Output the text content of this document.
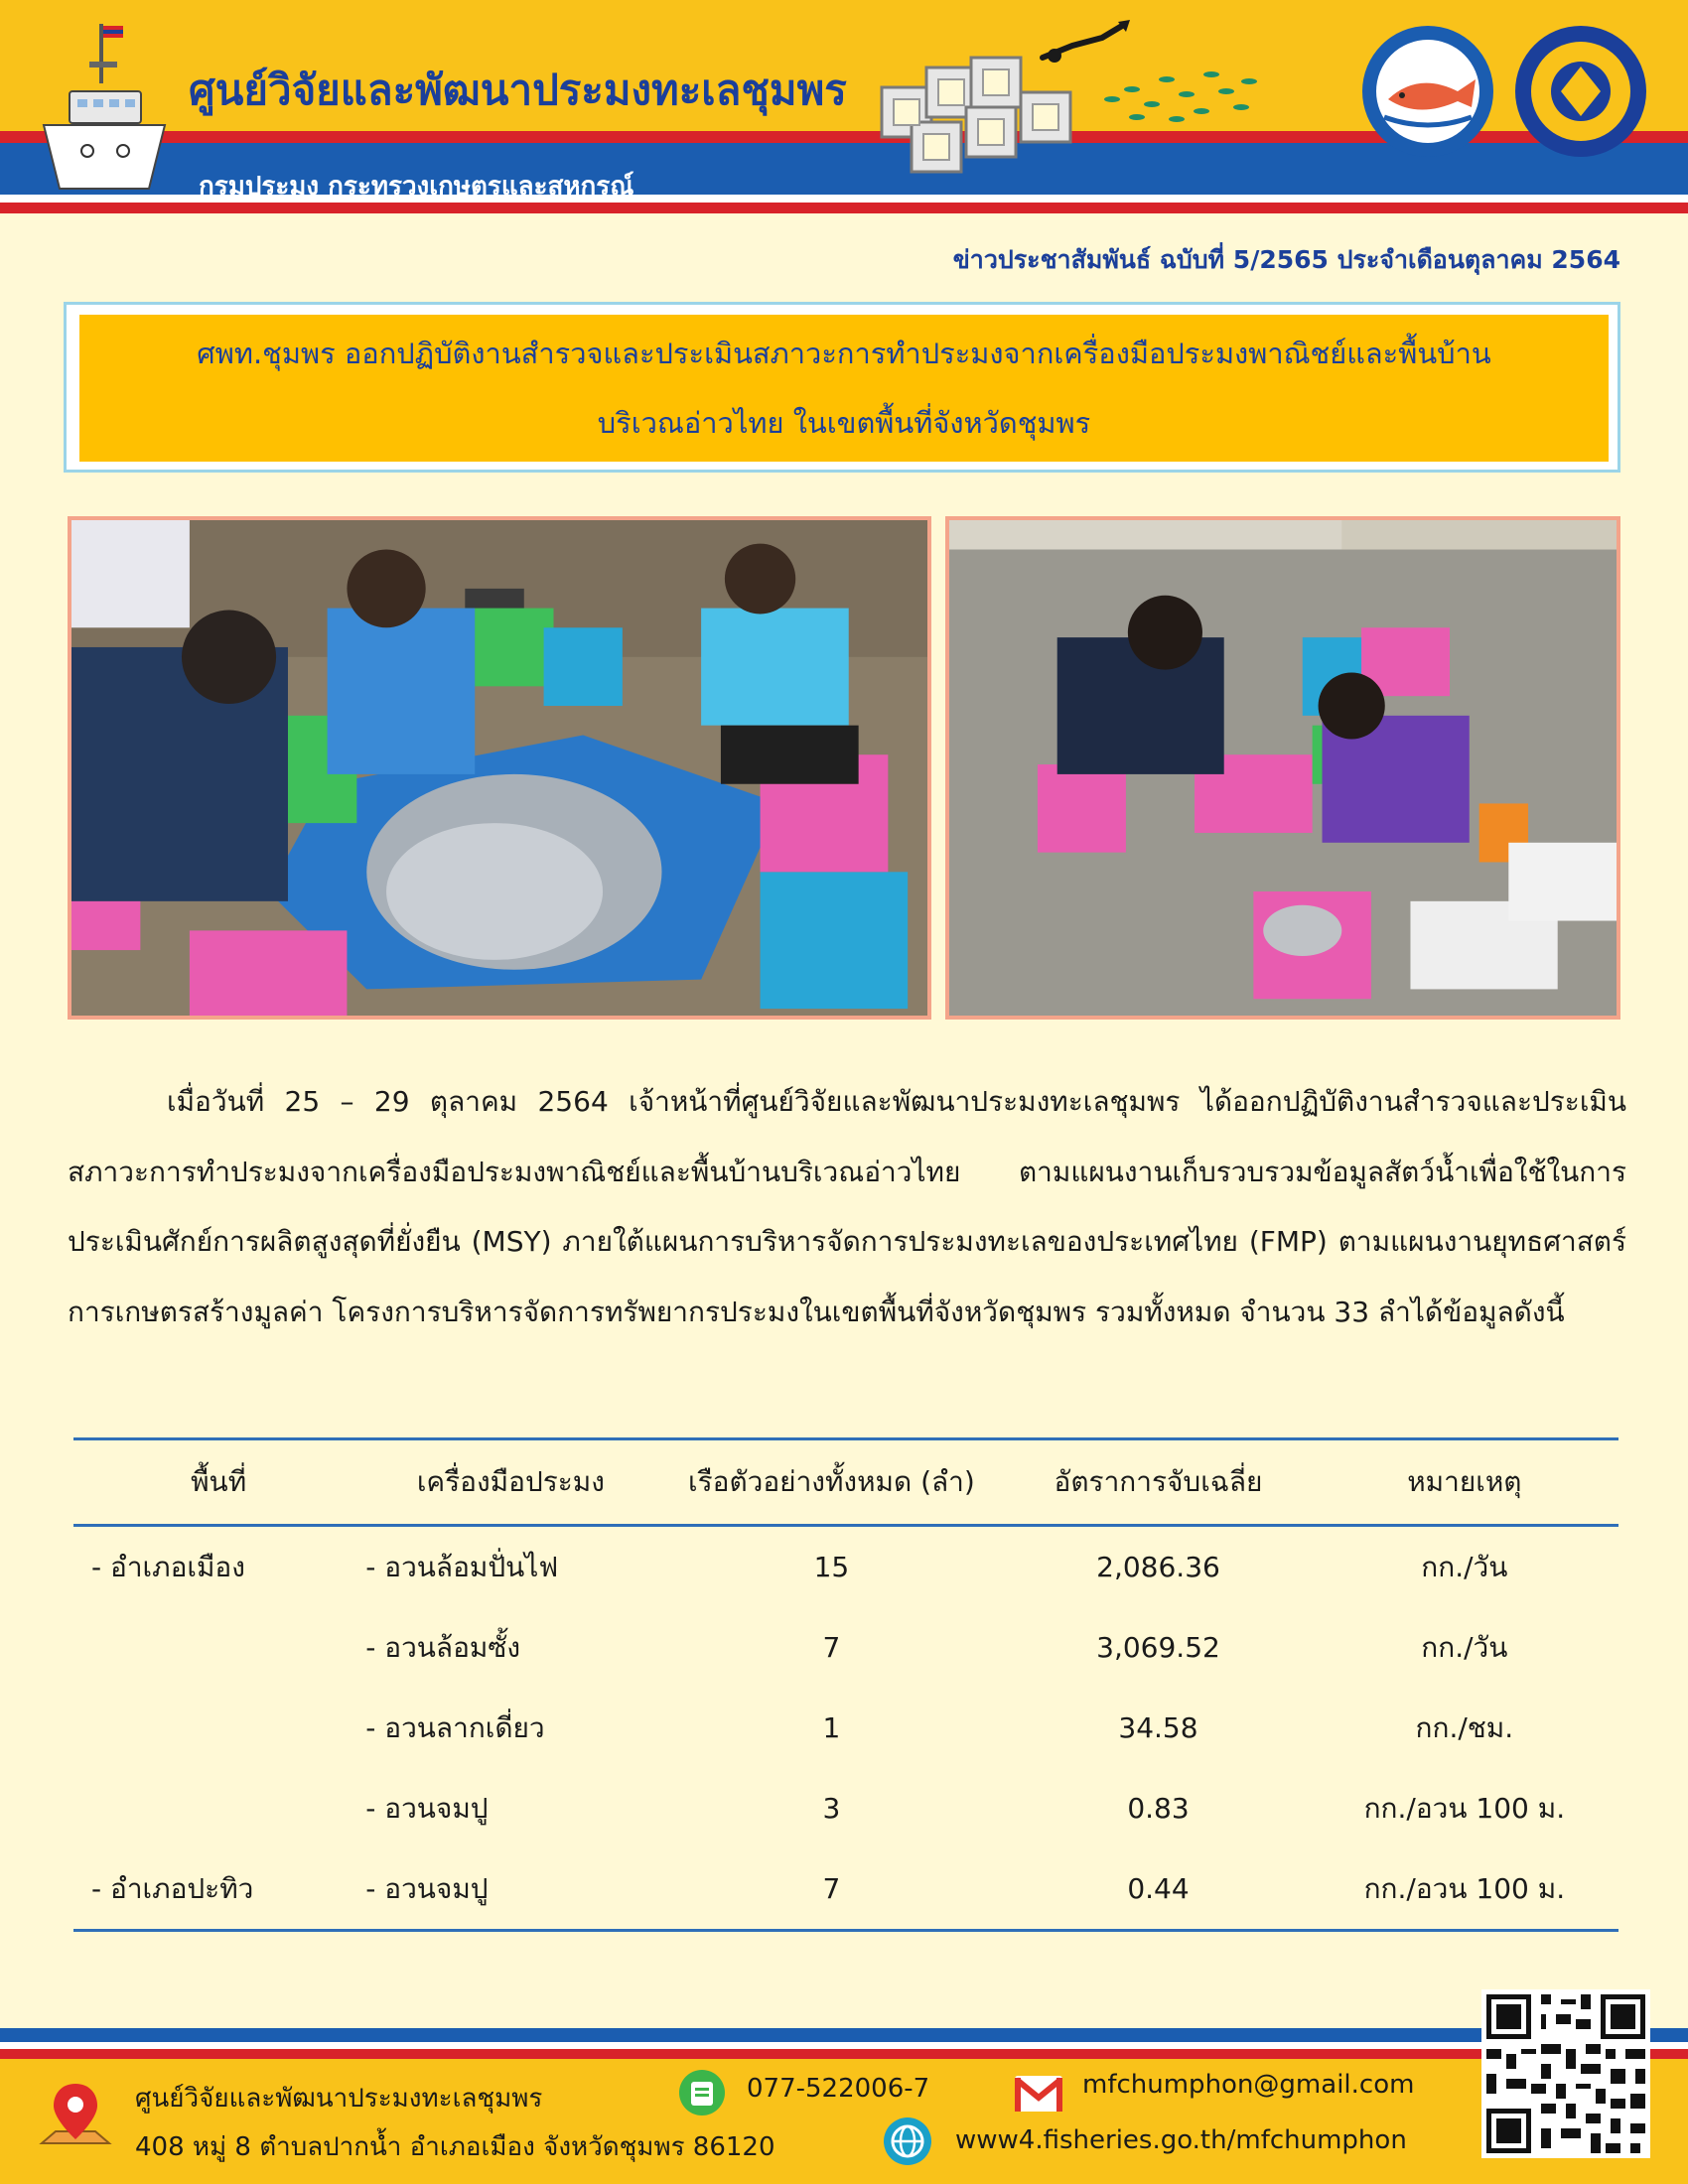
ศูนย์วิจัยและพัฒนาประมงทะเลชุมพร
กรมประมง กระทรวงเกษตรและสหกรณ์
ข่าวประชาสัมพันธ์ ฉบับที่ 5/2565 ประจำเดือนตุลาคม 2564
ศพท.ชุมพร ออกปฏิบัติงานสำรวจและประเมินสภาวะการทำประมงจากเครื่องมือประมงพาณิชย์และพื้นบ้าน
บริเวณอ่าวไทย ในเขตพื้นที่จังหวัดชุมพร

เมื่อวันที่ 25 – 29 ตุลาคม 2564 เจ้าหน้าที่ศูนย์วิจัยและพัฒนาประมงทะเลชุมพร ได้ออกปฏิบัติงานสำรวจและประเมินสภาวะการทำประมงจากเครื่องมือประมงพาณิชย์และพื้นบ้านบริเวณอ่าวไทย ตามแผนงานเก็บรวบรวมข้อมูลสัตว์น้ำเพื่อใช้ในการประเมินศักย์การผลิตสูงสุดที่ยั่งยืน (MSY) ภายใต้แผนการบริหารจัดการประมงทะเลของประเทศไทย (FMP) ตามแผนงานยุทธศาสตร์การเกษตรสร้างมูลค่า โครงการบริหารจัดการทรัพยากรประมงในเขตพื้นที่จังหวัดชุมพร รวมทั้งหมด จำนวน 33 ลำได้ข้อมูลดังนี้

พื้นที่	เครื่องมือประมง	เรือตัวอย่างทั้งหมด (ลำ)	อัตราการจับเฉลี่ย	หมายเหตุ
- อำเภอเมือง	- อวนล้อมปั่นไฟ	15	2,086.36	กก./วัน
	- อวนล้อมซั้ง	7	3,069.52	กก./วัน
	- อวนลากเดี่ยว	1	34.58	กก./ชม.
	- อวนจมปู	3	0.83	กก./อวน 100 ม.
- อำเภอปะทิว	- อวนจมปู	7	0.44	กก./อวน 100 ม.
ศูนย์วิจัยและพัฒนาประมงทะเลชุมพร
408 หมู่ 8 ตำบลปากน้ำ อำเภอเมือง จังหวัดชุมพร 86120
077-522006-7	mfchumphon@gmail.com
www4.fisheries.go.th/mfchumphon
